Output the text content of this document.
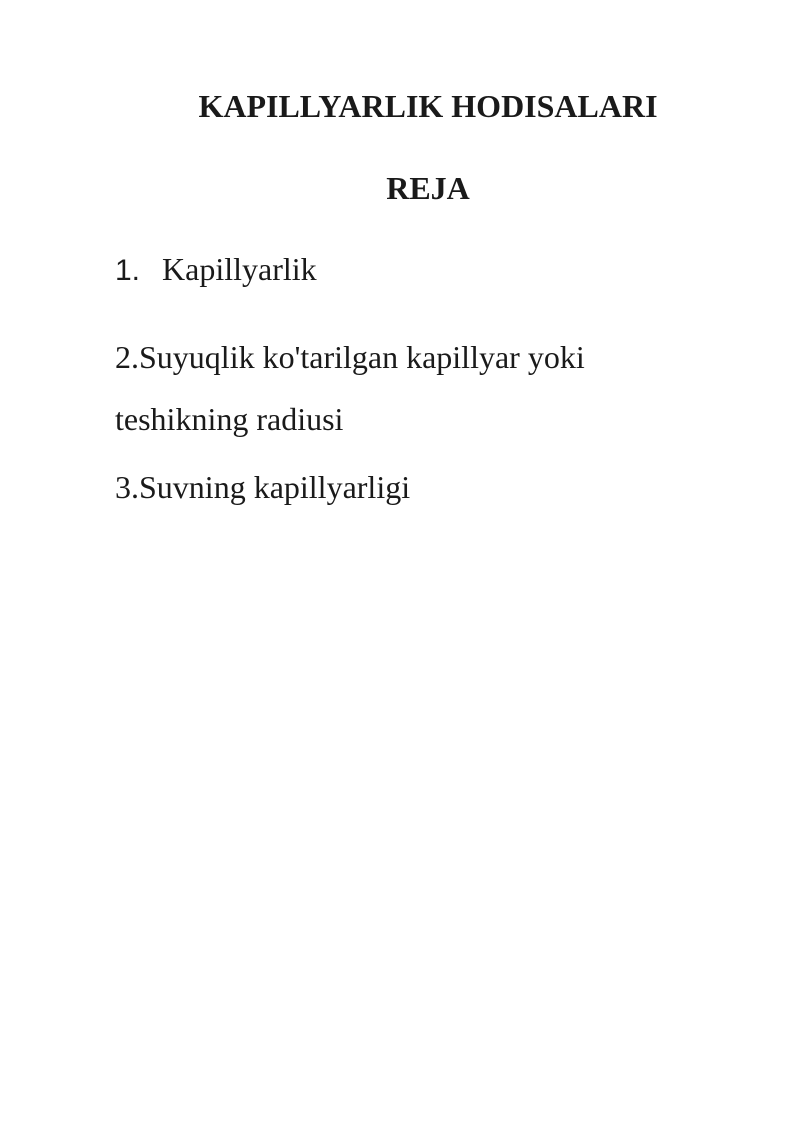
KAPILLYARLIK HODISALARI
REJA
1. Kapillyarlik
2.Suyuqlik ko'tarilgan kapillyar yoki teshikning radiusi
3.Suvning kapillyarligi
